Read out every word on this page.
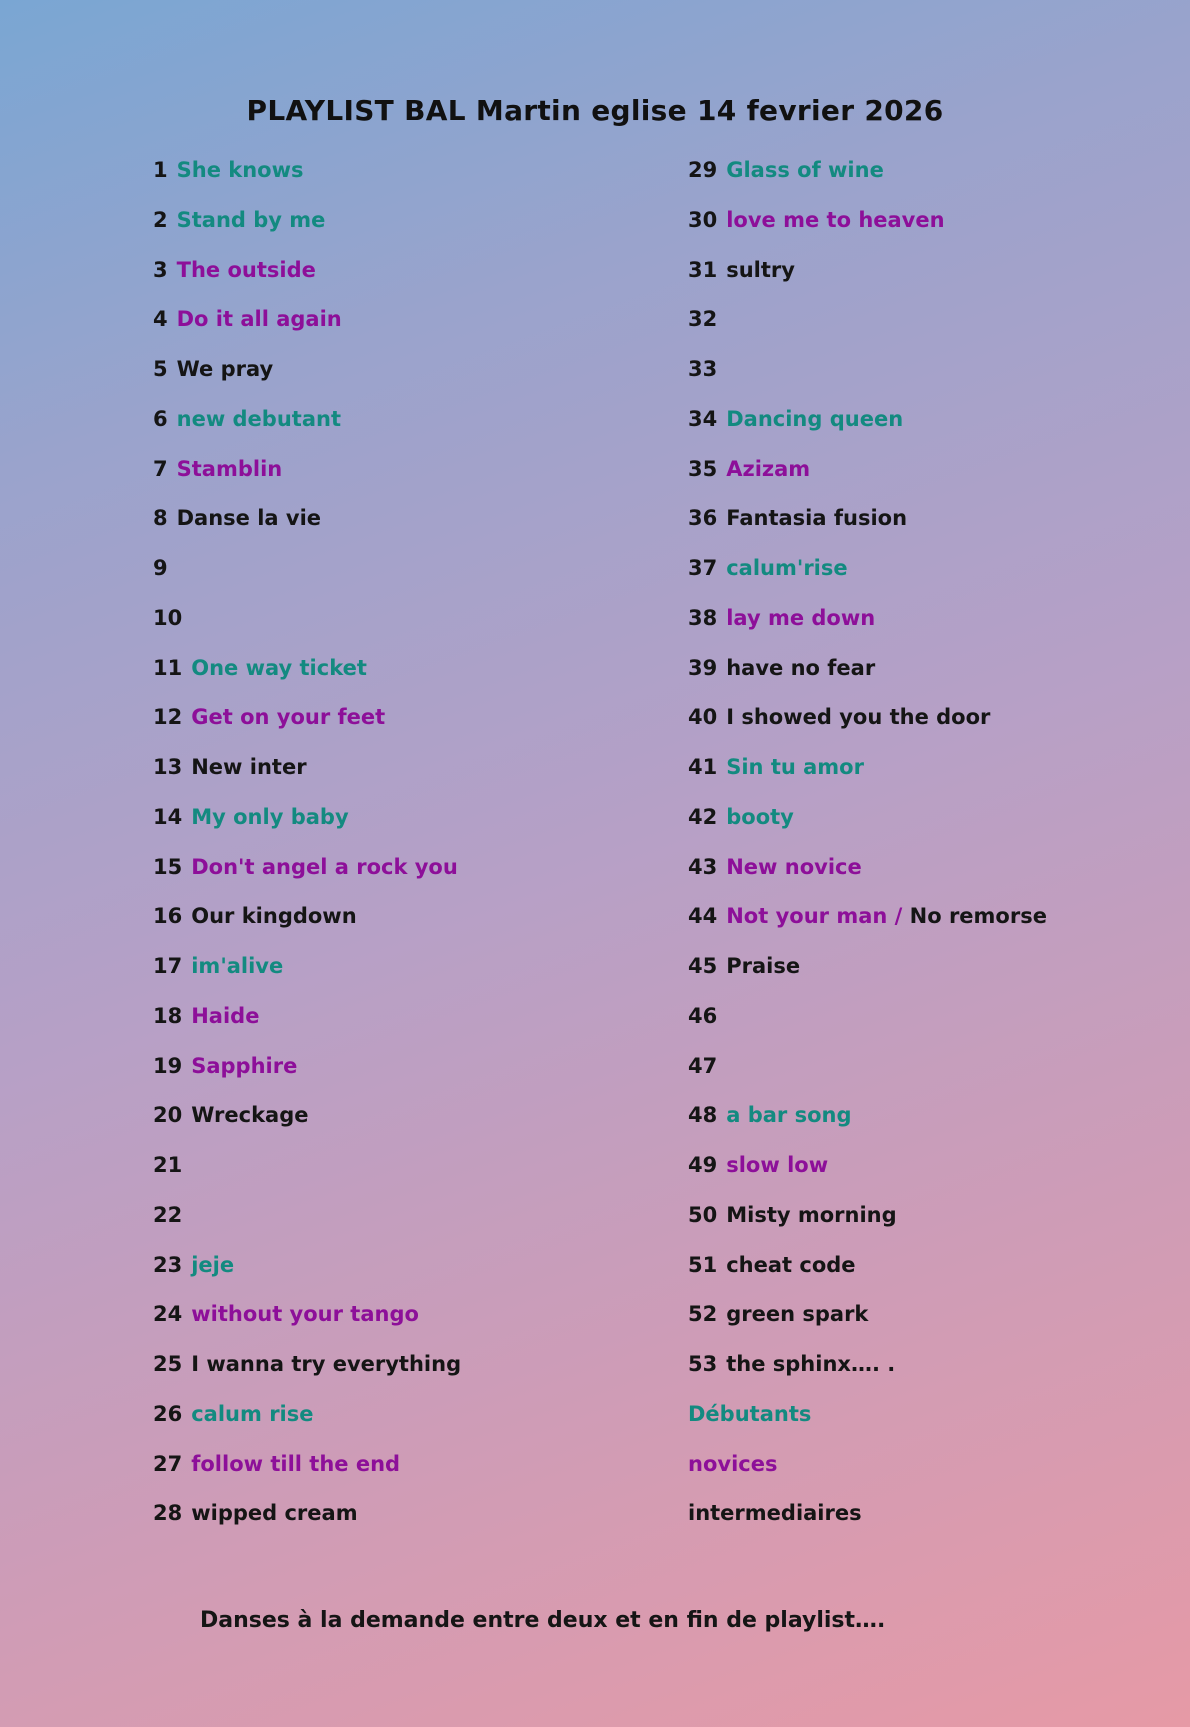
PLAYLIST BAL Martin eglise 14 fevrier 2026
1 She knows
2 Stand by me
3 The outside
4 Do it all again
5 We pray
6 new debutant
7 Stamblin
8 Danse la vie
9
10
11 One way ticket
12 Get on your feet
13 New inter
14 My only baby
15 Don't angel a rock you
16 Our kingdown
17 im'alive
18 Haide
19 Sapphire
20 Wreckage
21
22
23 jeje
24 without your tango
25 I wanna try everything
26 calum rise
27 follow till the end
28 wipped cream
29 Glass of wine
30 love me to heaven
31 sultry
32
33
34 Dancing queen
35 Azizam
36 Fantasia fusion
37 calum'rise
38 lay me down
39 have no fear
40 I showed you the door
41 Sin tu amor
42 booty
43 New novice
44 Not your man / No remorse
45 Praise
46
47
48 a bar song
49 slow low
50 Misty morning
51 cheat code
52 green spark
53 the sphinx…. .
Débutants
novices
intermediaires
Danses à la demande entre deux et en fin de playlist….
